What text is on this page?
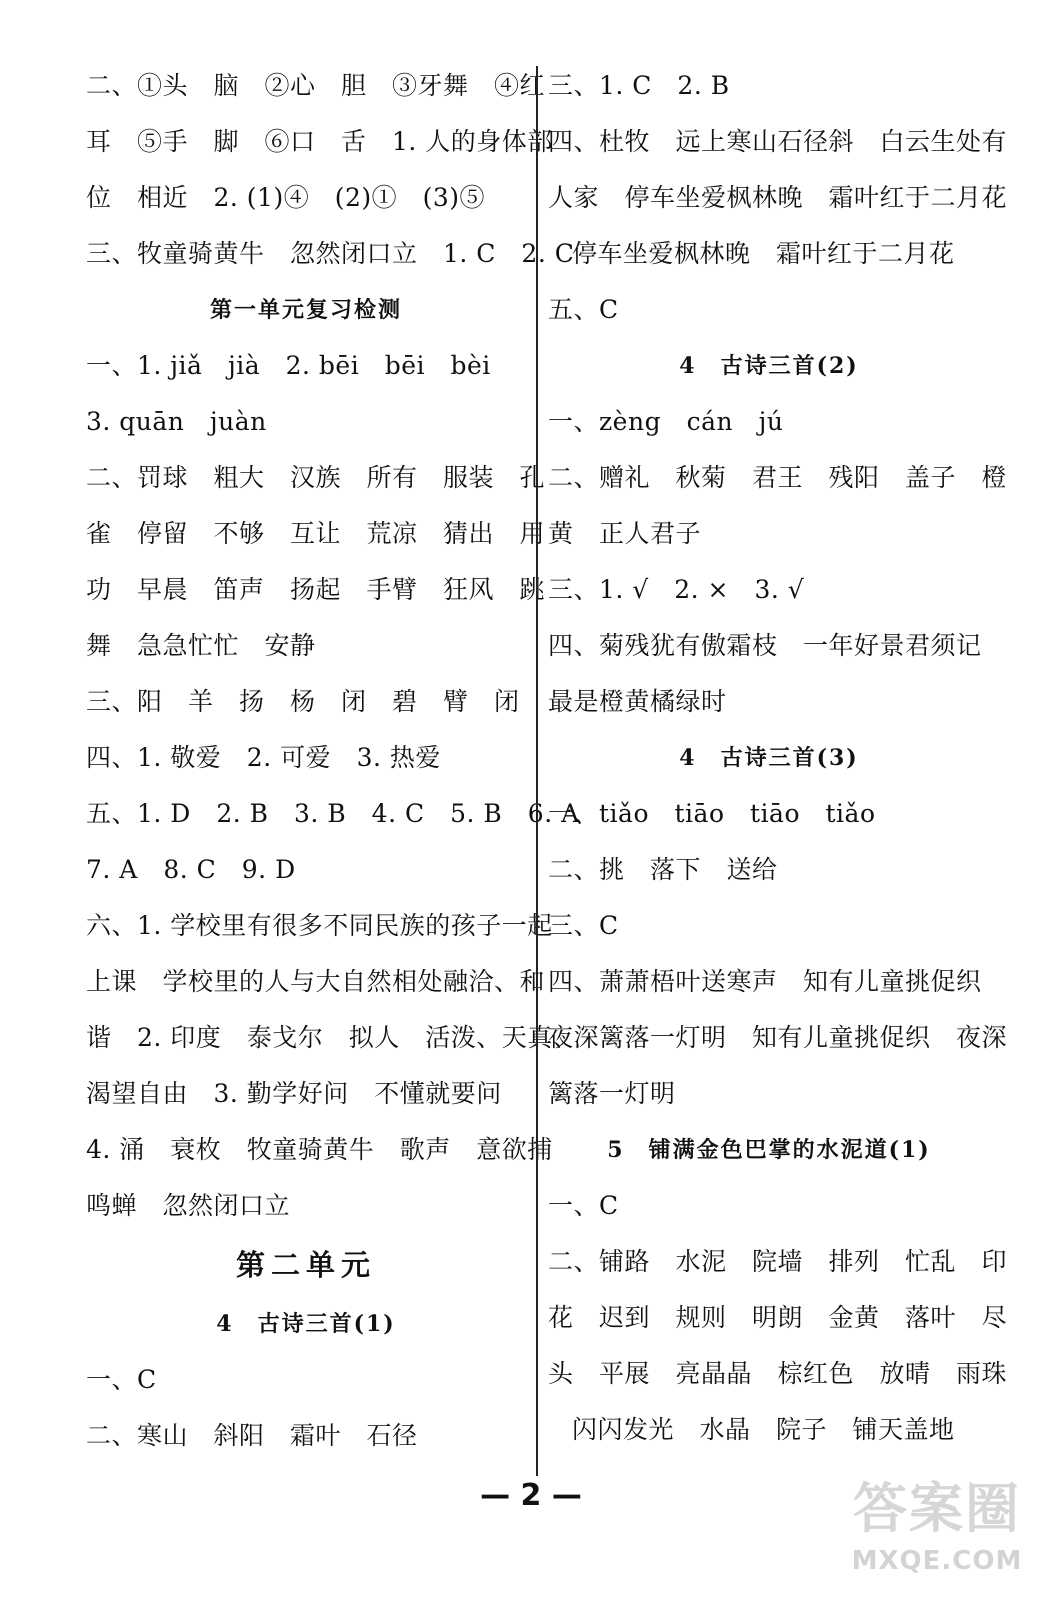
二、①头　脑　②心　胆　③牙舞　④红
耳　⑤手　脚　⑥口　舌　1. 人的身体部
位　相近　2. (1)④　(2)①　(3)⑤
三、牧童骑黄牛　忽然闭口立　1. C　2. C
第一单元复习检测
一、1. jiǎ　jià　2. bēi　bēi　bèi
3. quān　juàn
二、罚球　粗大　汉族　所有　服装　孔
雀　停留　不够　互让　荒凉　猜出　用
功　早晨　笛声　扬起　手臂　狂风　跳
舞　急急忙忙　安静
三、阳　羊　扬　杨　闭　碧　臂　闭
四、1. 敬爱　2. 可爱　3. 热爱
五、1. D　2. B　3. B　4. C　5. B　6. A
7. A　8. C　9. D
六、1. 学校里有很多不同民族的孩子一起
上课　学校里的人与大自然相处融洽、和
谐　2. 印度　泰戈尔　拟人　活泼、天真、
渴望自由　3. 勤学好问　不懂就要问
4. 涌　衰枚　牧童骑黄牛　歌声　意欲捕
鸣蝉　忽然闭口立
第二单元
4　古诗三首(1)
一、C
二、寒山　斜阳　霜叶　石径
三、1. C　2. B
四、杜牧　远上寒山石径斜　白云生处有
人家　停车坐爱枫林晚　霜叶红于二月花
停车坐爱枫林晚　霜叶红于二月花
五、C
4　古诗三首(2)
一、zèng　cán　jú
二、赠礼　秋菊　君王　残阳　盖子　橙
黄　正人君子
三、1. √　2. ×　3. √
四、菊残犹有傲霜枝　一年好景君须记
最是橙黄橘绿时
4　古诗三首(3)
一、tiǎo　tiāo　tiāo　tiǎo
二、挑　落下　送给
三、C
四、萧萧梧叶送寒声　知有儿童挑促织
夜深篱落一灯明　知有儿童挑促织　夜深
篱落一灯明
5　铺满金色巴掌的水泥道(1)
一、C
二、铺路　水泥　院墙　排列　忙乱　印
花　迟到　规则　明朗　金黄　落叶　尽
头　平展　亮晶晶　棕红色　放晴　雨珠
闪闪发光　水晶　院子　铺天盖地
— 2 —	答案圈
MXQE.COM
